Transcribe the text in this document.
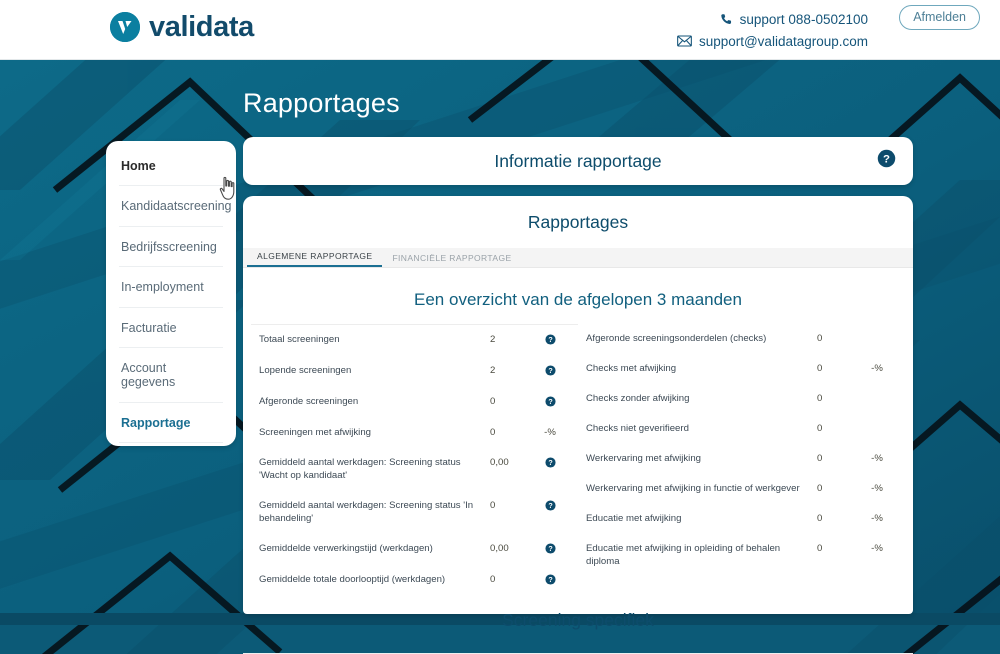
validata	support 088-0502100
support@validatagroup.com
Afmelden
Rapportages
Home
Kandidaatscreening
Bedrijfsscreening
In-employment
Facturatie
Account gegevens
Rapportage
Informatie rapportage	?
Rapportages
ALGEMENE RAPPORTAGE	FINANCIËLE RAPPORTAGE
Een overzicht van de afgelopen 3 maanden
Totaal screeningen	2	?
Lopende screeningen	2	?
Afgeronde screeningen	0	?
Screeningen met afwijking	0	-%
Gemiddeld aantal werkdagen: Screening status 'Wacht op kandidaat'
0,00	?
Gemiddeld aantal werkdagen: Screening status 'In behandeling'
0	?
Gemiddelde verwerkingstijd (werkdagen)	0,00	?
Gemiddelde totale doorlooptijd (werkdagen)	0	?
Afgeronde screeningsonderdelen (checks)	0
Checks met afwijking	0	-%
Checks zonder afwijking	0
Checks niet geverifieerd	0
Werkervaring met afwijking	0	-%
Werkervaring met afwijking in functie of werkgever	0	-%
Educatie met afwijking	0	-%
Educatie met afwijking in opleiding of behalen diploma
0	-%
Screening specifiek
